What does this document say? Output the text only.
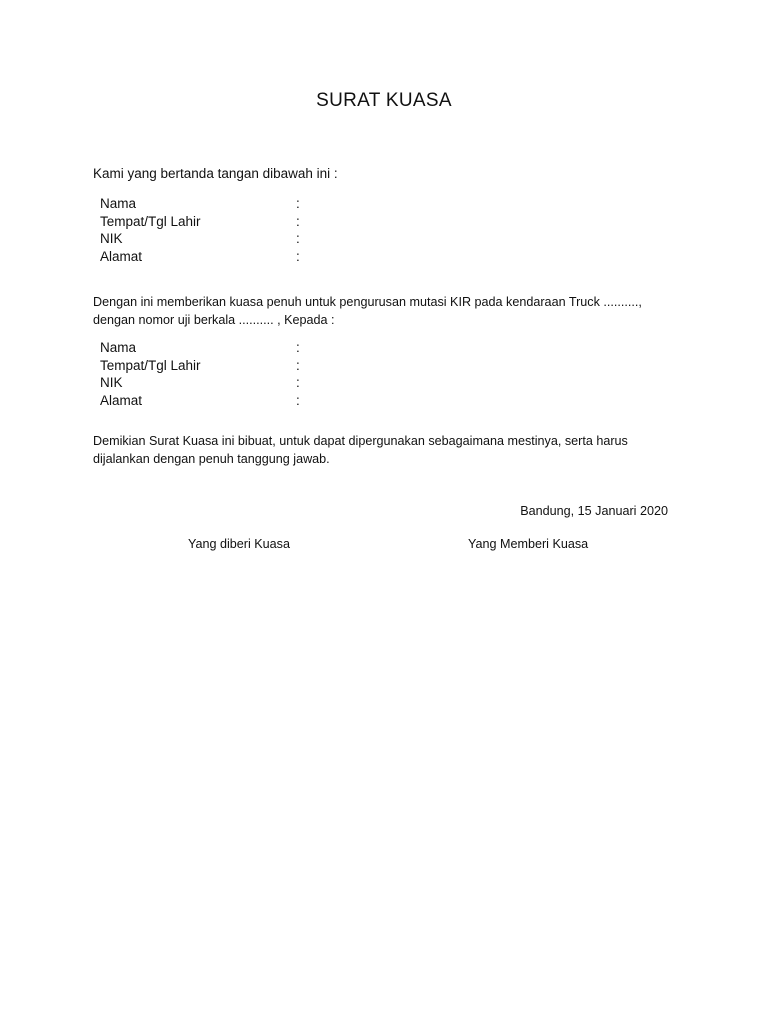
SURAT KUASA
Kami yang bertanda tangan dibawah ini :
Nama	:
Tempat/Tgl Lahir	:
NIK	:
Alamat	:
Dengan ini memberikan kuasa penuh untuk pengurusan mutasi KIR pada kendaraan Truck ..........,
dengan nomor uji berkala .......... , Kepada :
Nama	:
Tempat/Tgl Lahir	:
NIK	:
Alamat	:
Demikian Surat Kuasa ini bibuat, untuk dapat dipergunakan sebagaimana mestinya, serta harus
dijalankan dengan penuh tanggung jawab.
Bandung, 15 Januari 2020
Yang diberi Kuasa	Yang Memberi Kuasa
